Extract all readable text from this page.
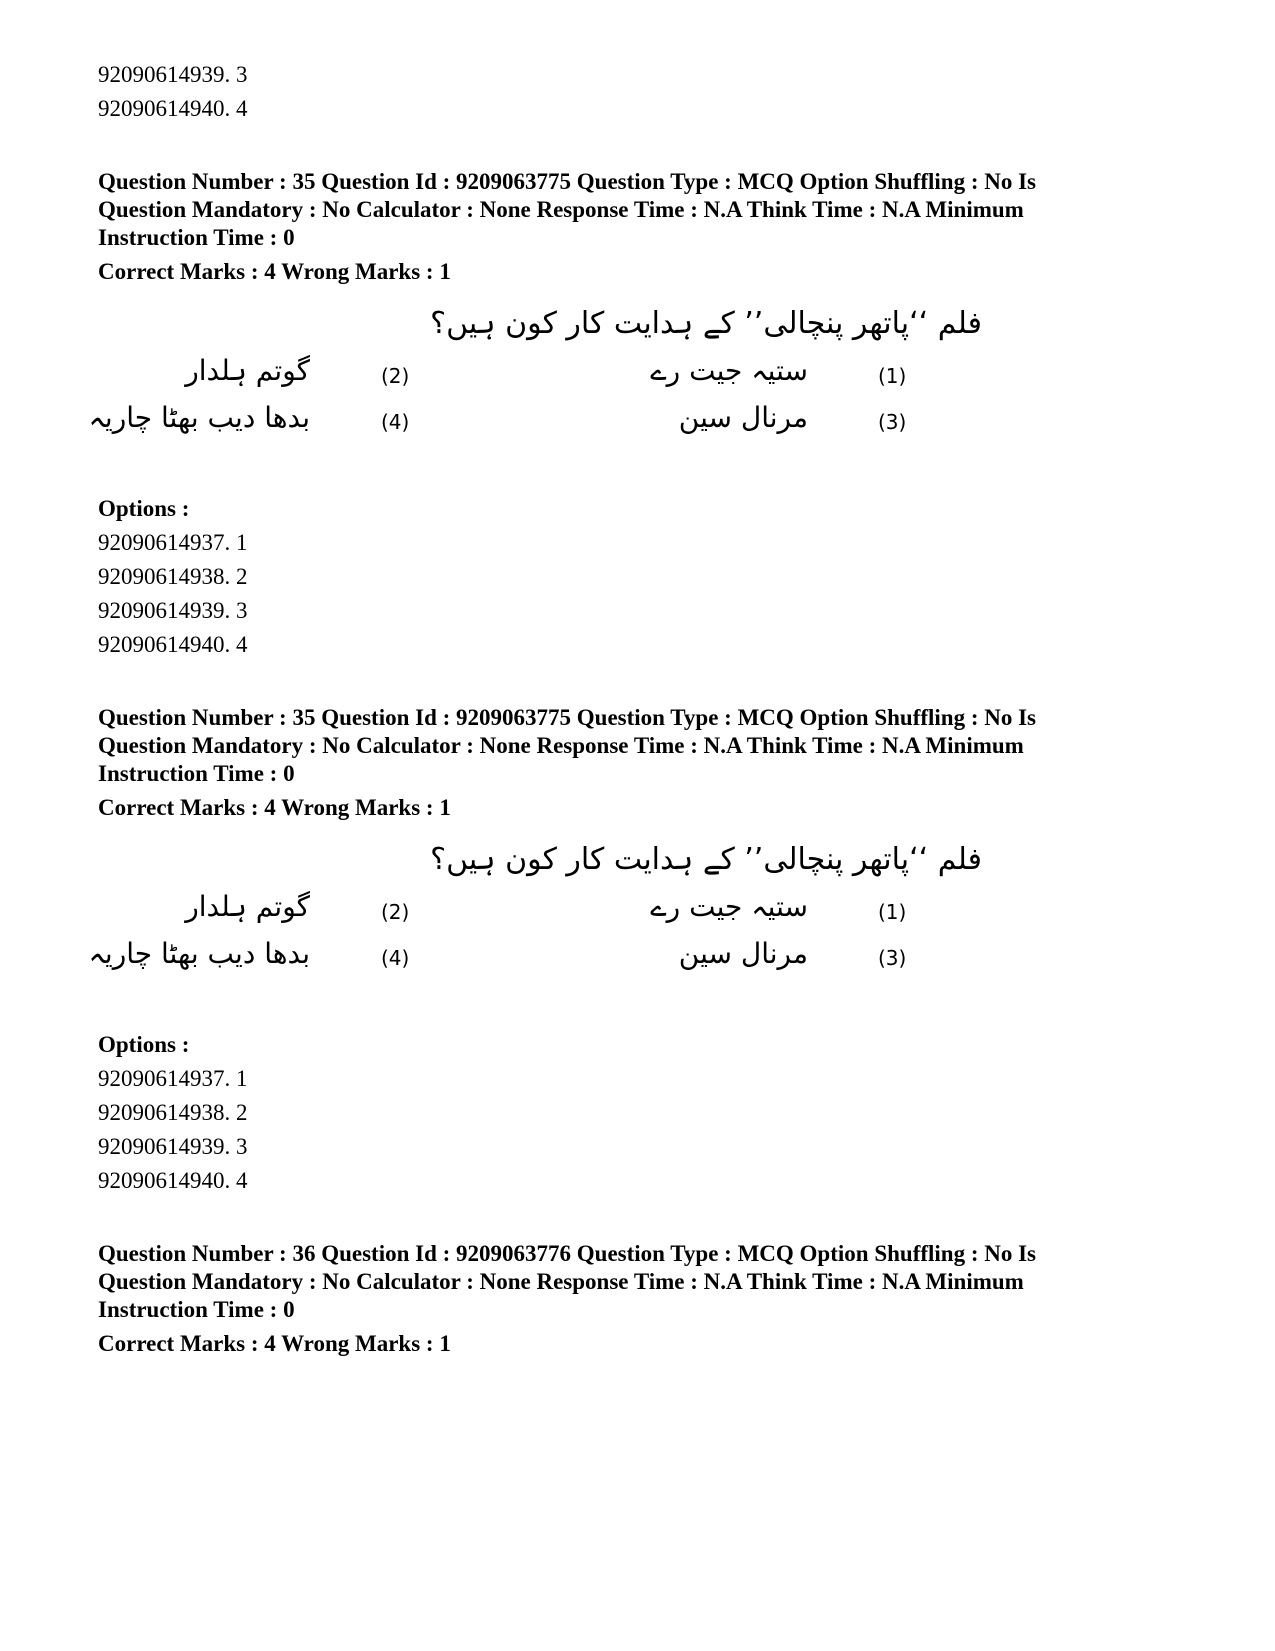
92090614939. 3
92090614940. 4
Question Number : 35 Question Id : 9209063775 Question Type : MCQ Option Shuffling : No Is
Question Mandatory : No Calculator : None Response Time : N.A Think Time : N.A Minimum
Instruction Time : 0
Correct Marks : 4 Wrong Marks : 1
فلم ‘‘پاتھر پنچالی’’ کے ہدایت کار کون ہیں؟
(1)
ستیہ جیت رے
(2)
گوتم ہلدار
(3)
مرنال سین
(4)
بدھا دیب بھٹا چاریہ
Options :
92090614937. 1
92090614938. 2
92090614939. 3
92090614940. 4
Question Number : 35 Question Id : 9209063775 Question Type : MCQ Option Shuffling : No Is
Question Mandatory : No Calculator : None Response Time : N.A Think Time : N.A Minimum
Instruction Time : 0
Correct Marks : 4 Wrong Marks : 1
فلم ‘‘پاتھر پنچالی’’ کے ہدایت کار کون ہیں؟
(1)
ستیہ جیت رے
(2)
گوتم ہلدار
(3)
مرنال سین
(4)
بدھا دیب بھٹا چاریہ
Options :
92090614937. 1
92090614938. 2
92090614939. 3
92090614940. 4
Question Number : 36 Question Id : 9209063776 Question Type : MCQ Option Shuffling : No Is
Question Mandatory : No Calculator : None Response Time : N.A Think Time : N.A Minimum
Instruction Time : 0
Correct Marks : 4 Wrong Marks : 1
